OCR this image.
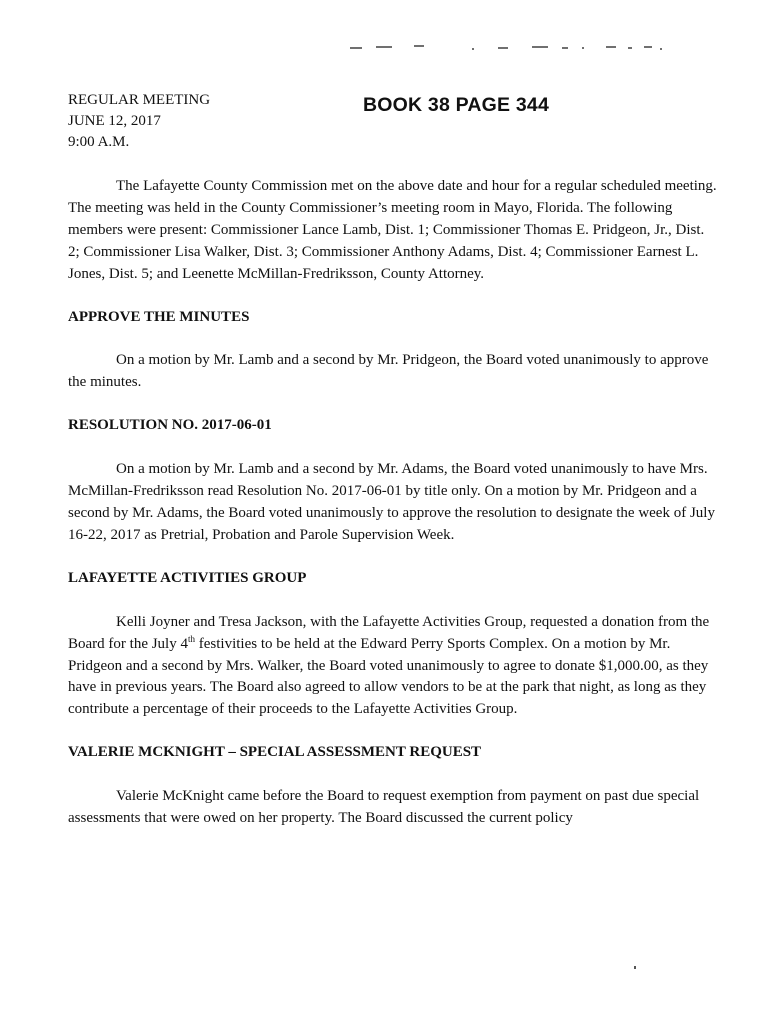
REGULAR MEETING
JUNE 12, 2017
9:00 A.M.
BOOK 38 PAGE 344

The Lafayette County Commission met on the above date and hour for a regular scheduled meeting. The meeting was held in the County Commissioner’s meeting room in Mayo, Florida. The following members were present: Commissioner Lance Lamb, Dist. 1; Commissioner Thomas E. Pridgeon, Jr., Dist. 2; Commissioner Lisa Walker, Dist. 3; Commissioner Anthony Adams, Dist. 4; Commissioner Earnest L. Jones, Dist. 5; and Leenette McMillan-Fredriksson, County Attorney.

APPROVE THE MINUTES

On a motion by Mr. Lamb and a second by Mr. Pridgeon, the Board voted unanimously to approve the minutes.

RESOLUTION NO. 2017-06-01

On a motion by Mr. Lamb and a second by Mr. Adams, the Board voted unanimously to have Mrs. McMillan-Fredriksson read Resolution No. 2017-06-01 by title only. On a motion by Mr. Pridgeon and a second by Mr. Adams, the Board voted unanimously to approve the resolution to designate the week of July 16-22, 2017 as Pretrial, Probation and Parole Supervision Week.

LAFAYETTE ACTIVITIES GROUP

Kelli Joyner and Tresa Jackson, with the Lafayette Activities Group, requested a donation from the Board for the July 4th festivities to be held at the Edward Perry Sports Complex. On a motion by Mr. Pridgeon and a second by Mrs. Walker, the Board voted unanimously to agree to donate $1,000.00, as they have in previous years. The Board also agreed to allow vendors to be at the park that night, as long as they contribute a percentage of their proceeds to the Lafayette Activities Group.

VALERIE MCKNIGHT – SPECIAL ASSESSMENT REQUEST

Valerie McKnight came before the Board to request exemption from payment on past due special assessments that were owed on her property. The Board discussed the current policy
